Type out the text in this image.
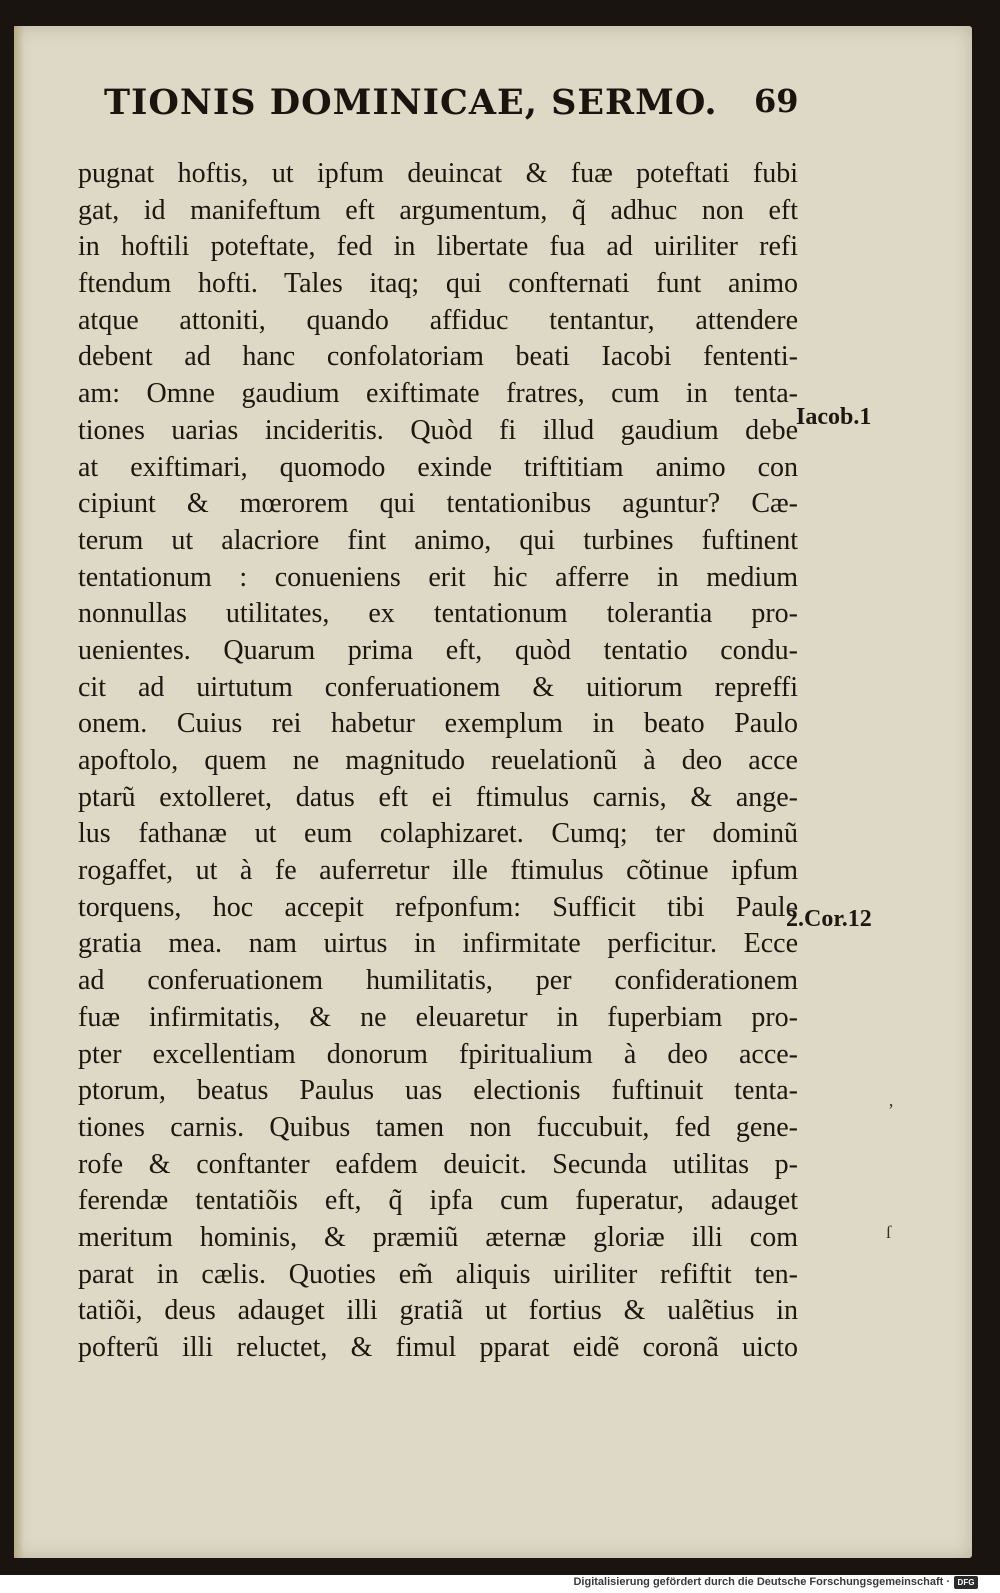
TIONIS DOMINICAE, SERMO. 69
pugnat hoftis, ut ipfum deuincat & fuæ poteftati fubi
gat, id manifeftum eft argumentum, q̃ adhuc non eft
in hoftili poteftate, fed in libertate fua ad uiriliter refi
ftendum hofti. Tales itaq; qui confternati funt animo
atque attoniti, quando affiduc tentantur, attendere
debent ad hanc confolatoriam beati Iacobi fententi-
am: Omne gaudium exiftimate fratres, cum in tenta-
tiones uarias incideritis. Quòd fi illud gaudium debe
at exiftimari, quomodo exinde triftitiam animo con
cipiunt & mœrorem qui tentationibus aguntur? Cæ-
terum ut alacriore fint animo, qui turbines fuftinent
tentationum : conueniens erit hic afferre in medium
nonnullas utilitates, ex tentationum tolerantia pro-
uenientes. Quarum prima eft, quòd tentatio condu-
cit ad uirtutum conferuationem & uitiorum repreffi
onem. Cuius rei habetur exemplum in beato Paulo
apoftolo, quem ne magnitudo reuelationũ à deo acce
ptarũ extolleret, datus eft ei ftimulus carnis, & ange-
lus fathanæ ut eum colaphizaret. Cumq; ter dominũ
rogaffet, ut à fe auferretur ille ftimulus cõtinue ipfum
torquens, hoc accepit refponfum: Sufficit tibi Paule
gratia mea. nam uirtus in infirmitate perficitur. Ecce
ad conferuationem humilitatis, per confiderationem
fuæ infirmitatis, & ne eleuaretur in fuperbiam pro-
pter excellentiam donorum fpiritualium à deo acce-
ptorum, beatus Paulus uas electionis fuftinuit tenta-
tiones carnis. Quibus tamen non fuccubuit, fed gene-
rofe & conftanter eafdem deuicit. Secunda utilitas p-
ferendæ tentatiõis eft, q̃ ipfa cum fuperatur, adauget
meritum hominis, & præmiũ æternæ gloriæ illi com
parat in cælis. Quoties em̃ aliquis uiriliter refiftit ten-
tatiõi, deus adauget illi gratiã ut fortius & ualẽtius in
pofterũ illi reluctet, & fimul pparat eidẽ coronã uicto
Iacob.1
2.Cor.12
‚
ſ
Digitalisierung gefördert durch die Deutsche Forschungsgemeinschaft · DFG
